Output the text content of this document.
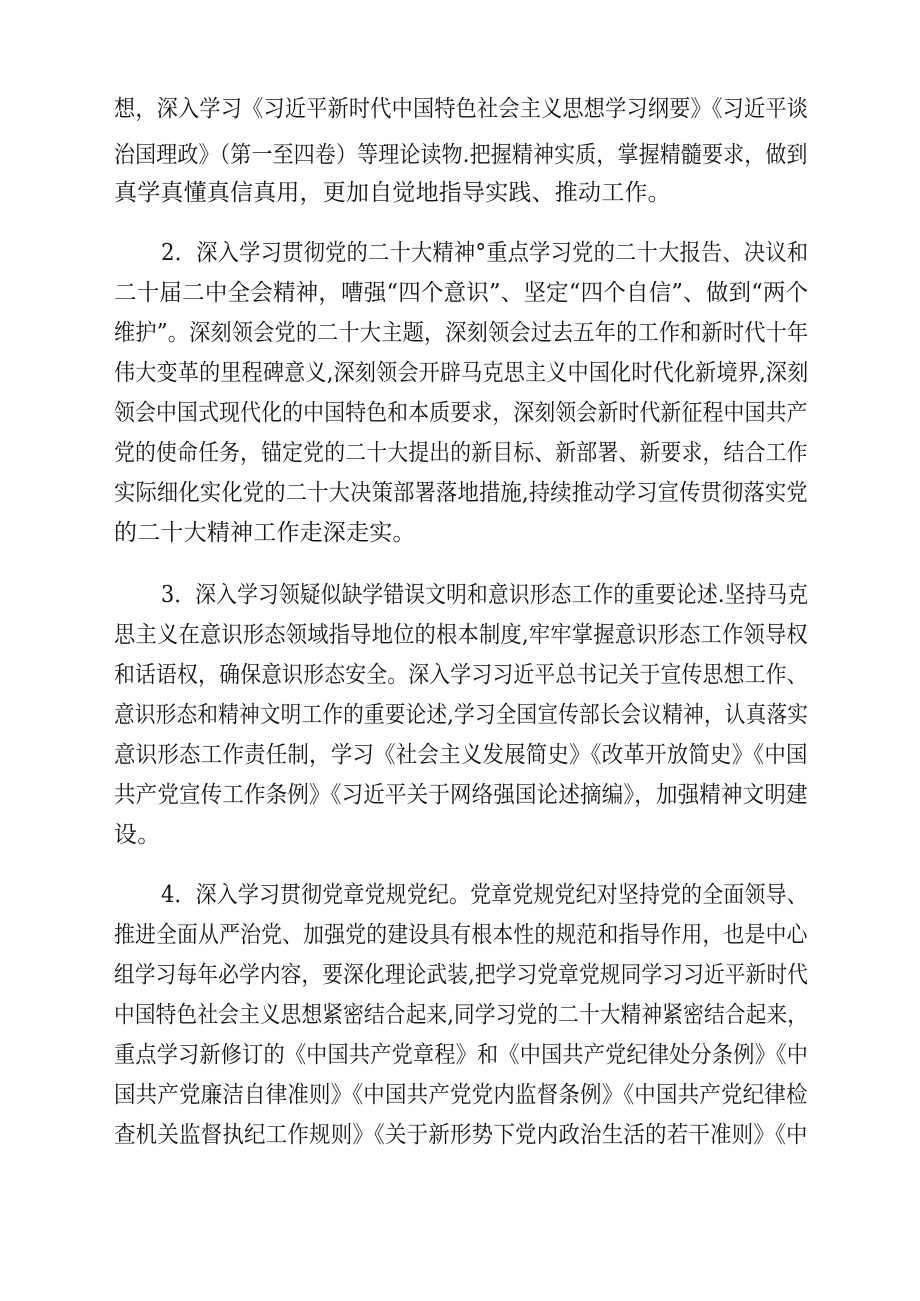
想，深入学习《习近平新时代中国特色社会主义思想学习纲要》《习近平谈
治国理政》（第一至四卷）等理论读物.把握精神实质，掌握精髓要求，做到
真学真懂真信真用，更加自觉地指导实践、推动工作。
2．深入学习贯彻党的二十大精神°重点学习党的二十大报告、决议和
二十届二中全会精神，嘈强“四个意识”、坚定“四个自信”、做到“两个
维护”。深刻领会党的二十大主题，深刻领会过去五年的工作和新时代十年
伟大变革的里程碑意义,深刻领会开辟马克思主义中国化时代化新境界,深刻
领会中国式现代化的中国特色和本质要求，深刻领会新时代新征程中国共产
党的使命任务，锚定党的二十大提出的新目标、新部署、新要求，结合工作
实际细化实化党的二十大决策部署落地措施,持续推动学习宣传贯彻落实党
的二十大精神工作走深走实。
3．深入学习领疑似缺学错误文明和意识形态工作的重要论述.坚持马克
思主义在意识形态领域指导地位的根本制度,牢牢掌握意识形态工作领导权
和话语权，确保意识形态安全。深入学习习近平总书记关于宣传思想工作、
意识形态和精神文明工作的重要论述,学习全国宣传部长会议精神，认真落实
意识形态工作责任制，学习《社会主义发展简史》《改革开放简史》《中国
共产党宣传工作条例》《习近平关于网络强国论述摘编》，加强精神文明建
设。
4．深入学习贯彻党章党规党纪。党章党规党纪对坚持党的全面领导、
推进全面从严治党、加强党的建设具有根本性的规范和指导作用，也是中心
组学习每年必学内容，要深化理论武装,把学习党章党规同学习习近平新时代
中国特色社会主义思想紧密结合起来,同学习党的二十大精神紧密结合起来，
重点学习新修订的《中国共产党章程》和《中国共产党纪律处分条例》《中
国共产党廉洁自律准则》《中国共产党党内监督条例》《中国共产党纪律检
查机关监督执纪工作规则》《关于新形势下党内政治生活的若干准则》《中
